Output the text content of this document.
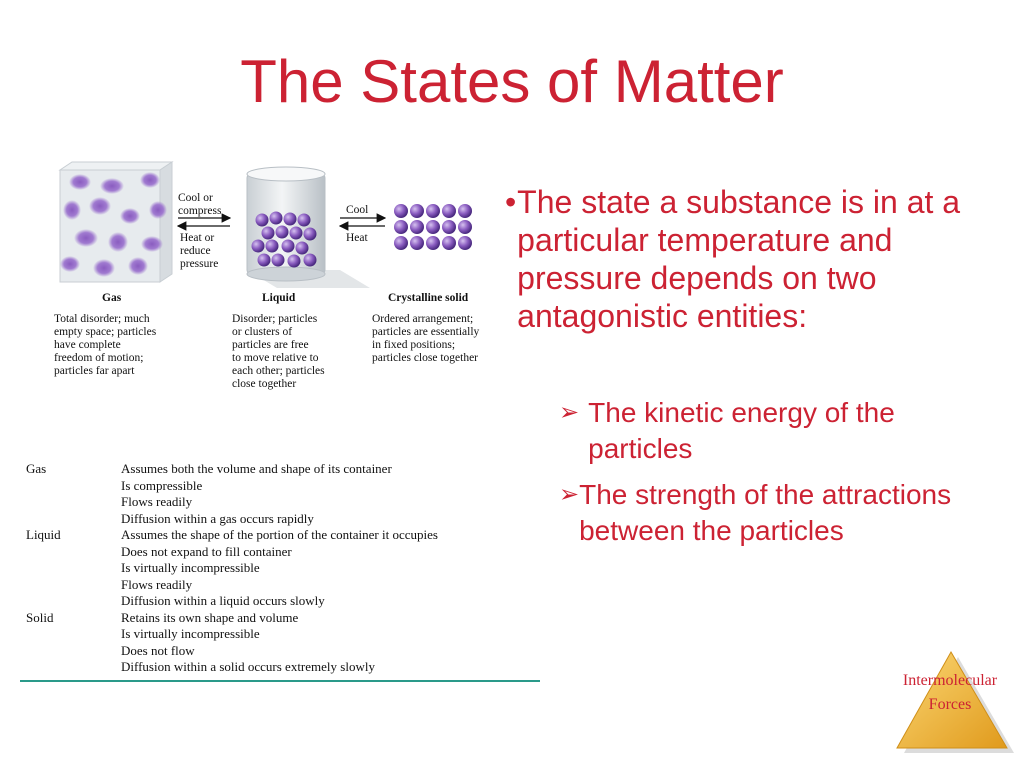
The States of Matter
Cool or
compress
Heat or
reduce
pressure
Cool
Heat
Gas	Liquid	Crystalline solid
Total disorder; much
empty space; particles
have complete
freedom of motion;
particles far apart
Disorder; particles
or clusters of
particles are free
to move relative to
each other; particles
close together
Ordered arrangement;
particles are essentially
in fixed positions;
particles close together
Gas	Assumes both the volume and shape of its container
Is compressible
Flows readily
Diffusion within a gas occurs rapidly
Liquid	Assumes the shape of the portion of the container it occupies
Does not expand to fill container
Is virtually incompressible
Flows readily
Diffusion within a liquid occurs slowly
Solid	Retains its own shape and volume
Is virtually incompressible
Does not flow
Diffusion within a solid occurs extremely slowly
• The state a substance is in at a particular temperature and pressure depends on two antagonistic entities:
➢ The kinetic energy of the particles
➢ The strength of the attractions between the particles
Intermolecular
Forces
